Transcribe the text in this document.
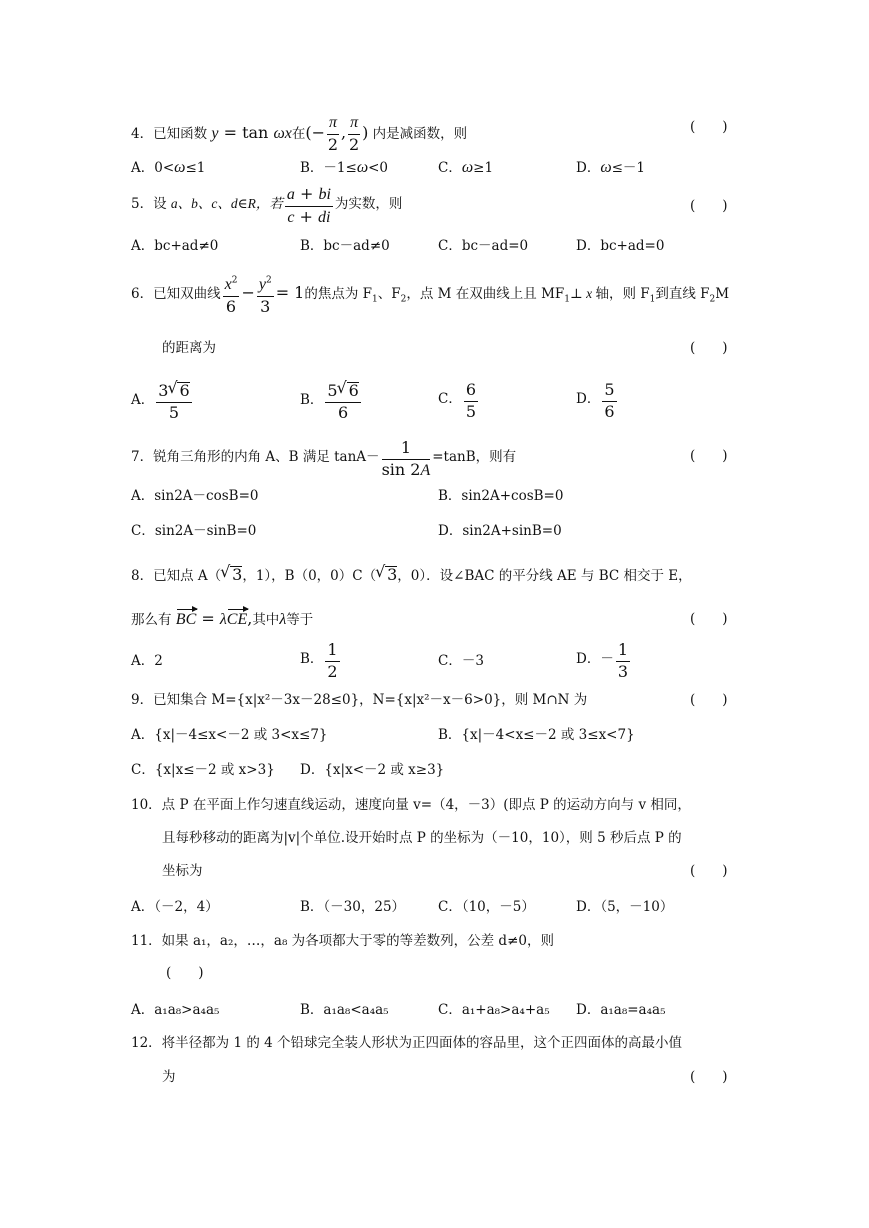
4．已知函数 y = tan ωx在(− $\frac{\pi}{2}$ , $\frac{\pi}{2}$ ) 内是减函数，则	(　　)
A．0<ω≤1	B．－1≤ω<0	C．ω≥1	D．ω≤－1
5．设 a、b、c、d∈R，若 $\frac{a + bi}{c + di}$ 为实数，则	(　　)
A．bc+ad≠0	B．bc－ad≠0	C．bc－ad=0	D．bc+ad=0
6．已知双曲线 $\frac{x^2}{6} - \frac{y^2}{3} = 1$的焦点为 $F_1$、$F_2$，点 M 在双曲线上且 $MF_1\perp$ x 轴，则 $F_1$到直线 $F_2M$
的距离为	(　　)
A． $\frac{3 √ 6}{5}$	B． $\frac{5 √ 6}{6}$	C． $\frac{6}{5}$	D． $\frac{5}{6}$
7．锐角三角形的内角 A、B 满足 $\tan A- \frac{1}{\sin 2A} =\tan B$，则有	(　　)
A．sin2A－cosB=0	B．sin2A+cosB=0
C．sin2A－sinB=0	D．sin2A+sinB=0
8．已知点 A（ √ 3，1），B（0，0）C（ √ 3，0）．设∠BAC 的平分线 AE 与 BC 相交于 E，
那么有 BC = λCE,其中λ等于	(　　)
A．2	B． $\frac{1}{2}$	C．－3	D．－ $\frac{1}{3}$
9．已知集合 M={x|x²－3x－28≤0}，N={x|x²－x－6>0}，则 M∩N 为	(　　)
A．{x|－4≤x<－2 或 3<x≤7}	B．{x|－4<x≤－2 或 3≤x<7}
C．{x|x≤－2 或 x>3} D．{x|x<－2 或 x≥3}
10．点 P 在平面上作匀速直线运动，速度向量 v=（4，－3）(即点 P 的运动方向与 v 相同，
且每秒移动的距离为|v|个单位.设开始时点 P 的坐标为（－10，10），则 5 秒后点 P 的
坐标为	(　　)
A．（－2，4）	B．（－30，25） C．（10，－5）	D．（5，－10）
11．如果 a₁，a₂，…，a₈ 为各项都大于零的等差数列，公差 d≠0，则
(　　)
A．a₁a₈>a₄a₅	B．a₁a₈<a₄a₅	C．a₁+a₈>a₄+a₅ D．a₁a₈=a₄a₅
12．将半径都为 1 的 4 个铅球完全装人形状为正四面体的容品里，这个正四面体的高最小值
为	(　　)
